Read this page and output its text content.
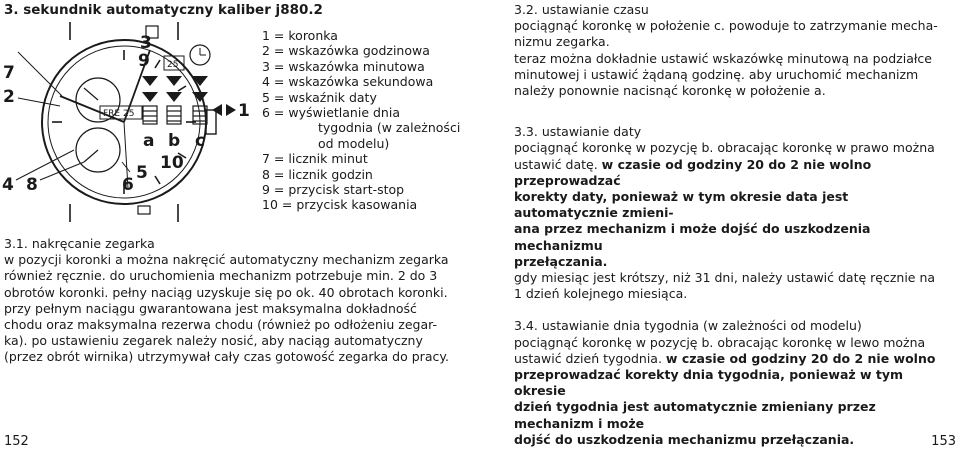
3. sekundnik automatyczny kaliber j880.2
3
9
7
2
4 8	6
5 10
1
a b c
FRE 25
25
1 = koronka
2 = wskazówka godzinowa
3 = wskazówka minutowa
4 = wskazówka sekundowa
5 = wskaźnik daty
6 = wyświetlanie dnia
tygodnia (w zależności
od modelu)
7 = licznik minut
8 = licznik godzin
9 = przycisk start-stop
10 = przycisk kasowania
3.1. nakręcanie zegarka
w pozycji koronki a można nakręcić automatyczny mechanizm zegarka
również ręcznie. do uruchomienia mechanizm potrzebuje min. 2 do 3
obrotów koronki. pełny naciąg uzyskuje się po ok. 40 obrotach koronki.
przy pełnym naciągu gwarantowana jest maksymalna dokładność
chodu oraz maksymalna rezerwa chodu (również po odłożeniu zegar-
ka). po ustawieniu zegarek należy nosić, aby naciąg automatyczny
(przez obrót wirnika) utrzymywał cały czas gotowość zegarka do pracy.
152
3.2. ustawianie czasu
pociągnąć koronkę w położenie c. powodujе to zatrzymanie mecha-
nizmu zegarka.
teraz można dokładnie ustawić wskazówkę minutową na podziałce
minutowej i ustawić żądaną godzinę. aby uruchomić mechanizm
należy ponownie nacisnąć koronkę w położenie a.
3.3. ustawianie daty
pociągnąć koronkę w pozycję b. obracając koronkę w prawo można
ustawić datę. w czasie od godziny 20 do 2 nie wolno przeprowadzać
korekty daty, ponieważ w tym okresie data jest automatycznie zmieni-
ana przez mechanizm i może dojść do uszkodzenia mechanizmu
przełączania.
gdy miesiąc jest krótszy, niż 31 dni, należy ustawić datę ręcznie na
1 dzień kolejnego miesiąca.
3.4. ustawianie dnia tygodnia (w zależności od modelu)
pociągnąć koronkę w pozycję b. obracając koronkę w lewo można
ustawić dzień tygodnia. w czasie od godziny 20 do 2 nie wolno
przeprowadzać korekty dnia tygodnia, ponieważ w tym okresie
dzień tygodnia jest automatycznie zmieniany przez mechanizm i może
dojść do uszkodzenia mechanizmu przełączania.	153
